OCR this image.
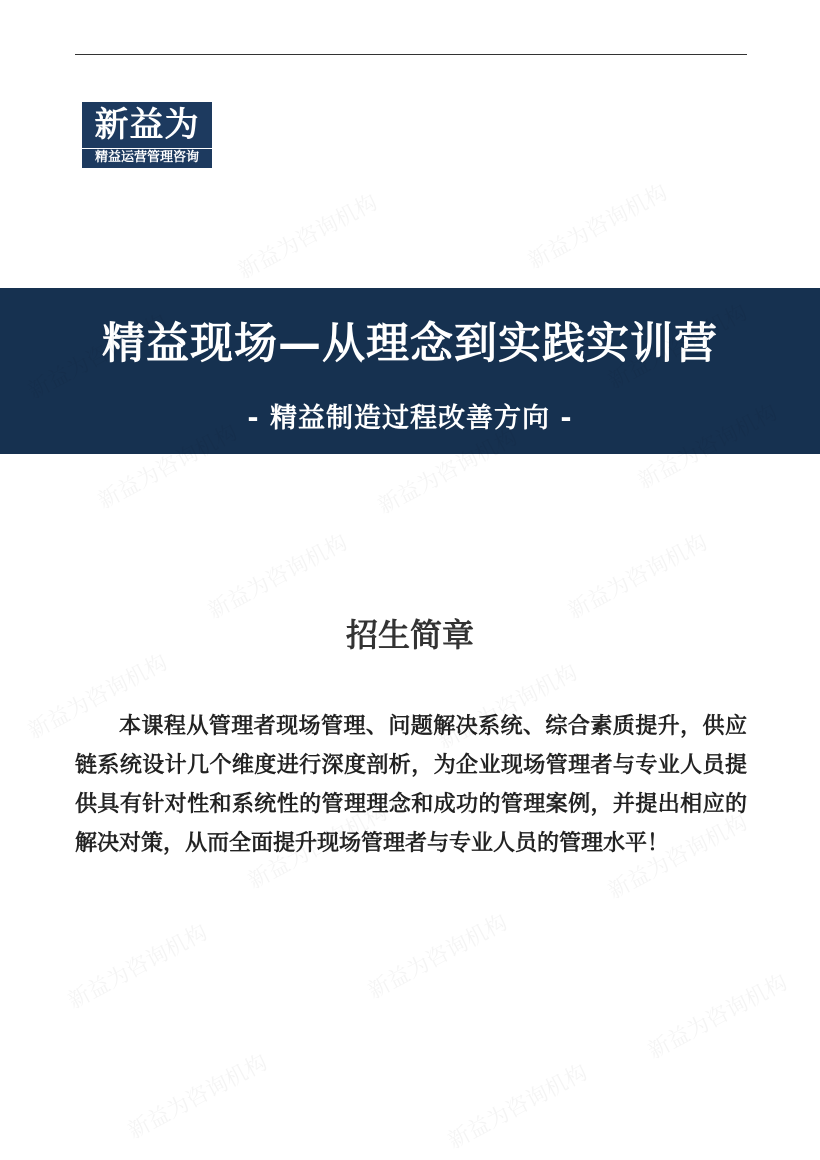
新益为
精益运营管理咨询
精益现场—从理念到实践实训营
- 精益制造过程改善方向 -
招生简章

本课程从管理者现场管理、问题解决系统、综合素质提升，供应链系统设计几个维度进行深度剖析，为企业现场管理者与专业人员提供具有针对性和系统性的管理理念和成功的管理案例，并提出相应的解决对策，从而全面提升现场管理者与专业人员的管理水平！
